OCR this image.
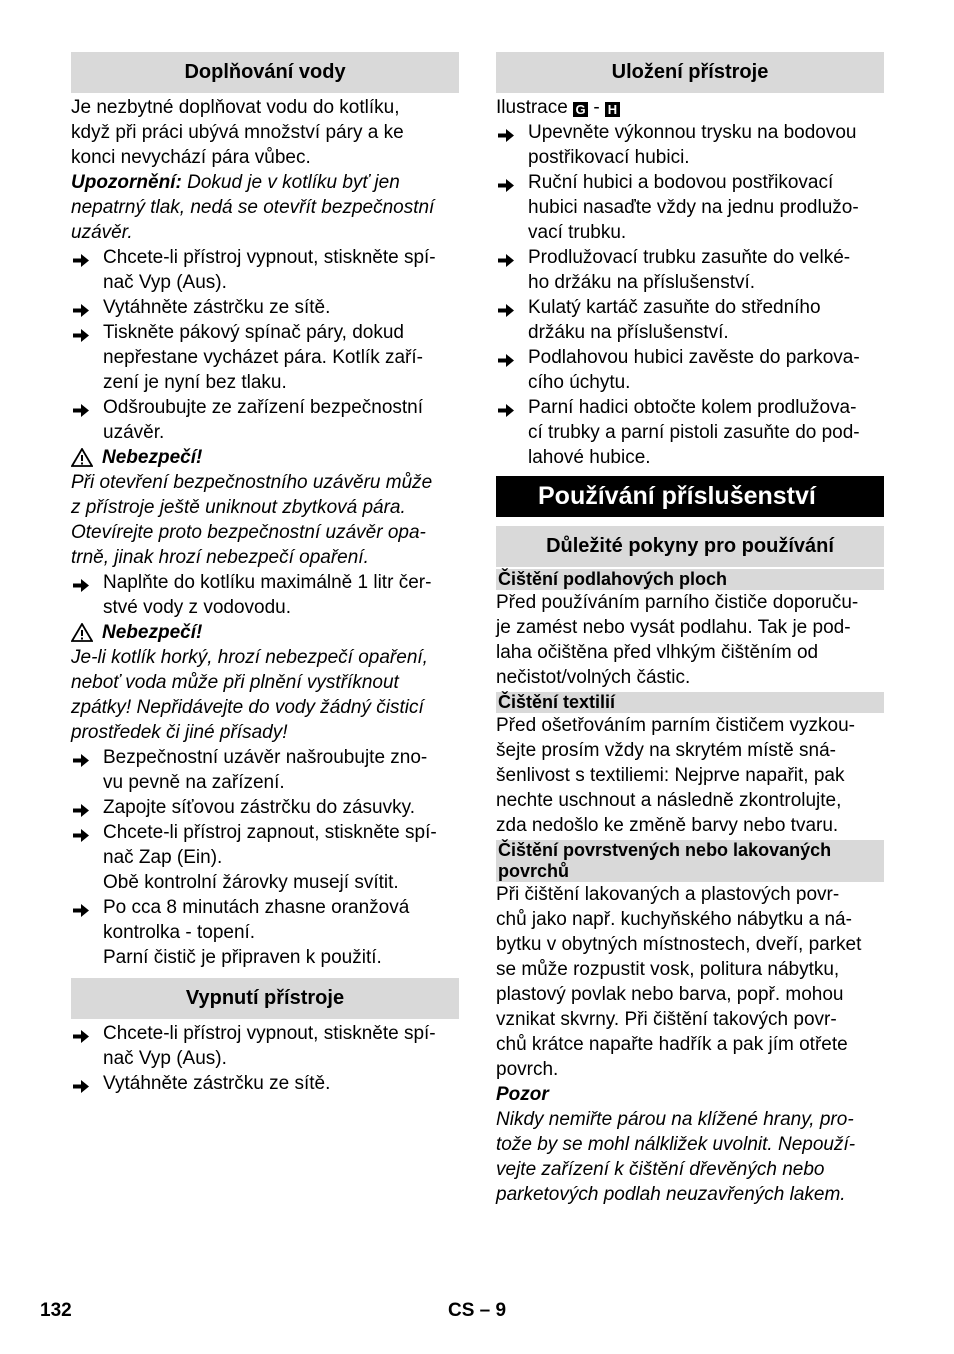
Doplňování vody
Je nezbytné doplňovat vodu do kotlíku,
když při práci ubývá množství páry a ke
konci nevychází pára vůbec.

Upozornění: Dokud je v kotlíku byť jen

nepatrný tlak, nedá se otevřít bezpečnostní
uzávěr.
Chcete-li přístroj vypnout, stiskněte spí-
nač Vyp (Aus).
Vytáhněte zástrčku ze sítě.
Tiskněte pákový spínač páry, dokud
nepřestane vycházet pára. Kotlík zaří-
zení je nyní bez tlaku.
Odšroubujte ze zařízení bezpečnostní
uzávěr.
Nebezpečí!
Při otevření bezpečnostního uzávěru může
z přístroje ještě uniknout zbytková pára.
Otevírejte proto bezpečnostní uzávěr opa-
trně, jinak hrozí nebezpečí opaření.
Naplňte do kotlíku maximálně 1 litr čer-
stvé vody z vodovodu.
Nebezpečí!
Je-li kotlík horký, hrozí nebezpečí opaření,
neboť voda může při plnění vystříknout
zpátky! Nepřidávejte do vody žádný čisticí
prostředek či jiné přísady!
Bezpečnostní uzávěr našroubujte zno-
vu pevně na zařízení.
Zapojte síťovou zástrčku do zásuvky.
Chcete-li přístroj zapnout, stiskněte spí-
nač Zap (Ein).

Obě kontrolní žárovky musejí svítit.

Po cca 8 minutách zhasne oranžová
kontrolka - topení.

Parní čistič je připraven k použití.

Vypnutí přístroje
Chcete-li přístroj vypnout, stiskněte spí-
nač Vyp (Aus).
Vytáhněte zástrčku ze sítě.
Uložení přístroje

Ilustrace G - H

Upevněte výkonnou trysku na bodovou
postřikovací hubici.
Ruční hubici a bodovou postřikovací
hubici nasaďte vždy na jednu prodlužo-
vací trubku.
Prodlužovací trubku zasuňte do velké-
ho držáku na příslušenství.
Kulatý kartáč zasuňte do středního
držáku na příslušenství.
Podlahovou hubici zavěste do parkova-
cího úchytu.
Parní hadici obtočte kolem prodlužova-
cí trubky a parní pistoli zasuňte do pod-
lahové hubice.
Používání příslušenství
Důležité pokyny pro používání
Čištění podlahových ploch
Před používáním parního čističe doporuču-
je zamést nebo vysát podlahu. Tak je pod-
laha očištěna před vlhkým čištěním od
nečistot/volných částic.
Čištění textilií
Před ošetřováním parním čističem vyzkou-
šejte prosím vždy na skrytém místě sná-
šenlivost s textiliemi: Nejprve napařit, pak
nechte uschnout a následně zkontrolujte,
zda nedošlo ke změně barvy nebo tvaru.
Čištění povrstvených nebo lakovaných
povrchů
Při čištění lakovaných a plastových povr-
chů jako např. kuchyňského nábytku a ná-
bytku v obytných místnostech, dveří, parket
se může rozpustit vosk, politura nábytku,
plastový povlak nebo barva, popř. mohou
vznikat skvrny. Při čištění takových povr-
chů krátce napařte hadřík a pak jím otřete
povrch.

Pozor

Nikdy nemiřte párou na klížené hrany, pro-
tože by se mohl nálkližek uvolnit. Nepouží-
vejte zařízení k čištění dřevěných nebo
parketových podlah neuzavřených lakem.
132	CS – 9
